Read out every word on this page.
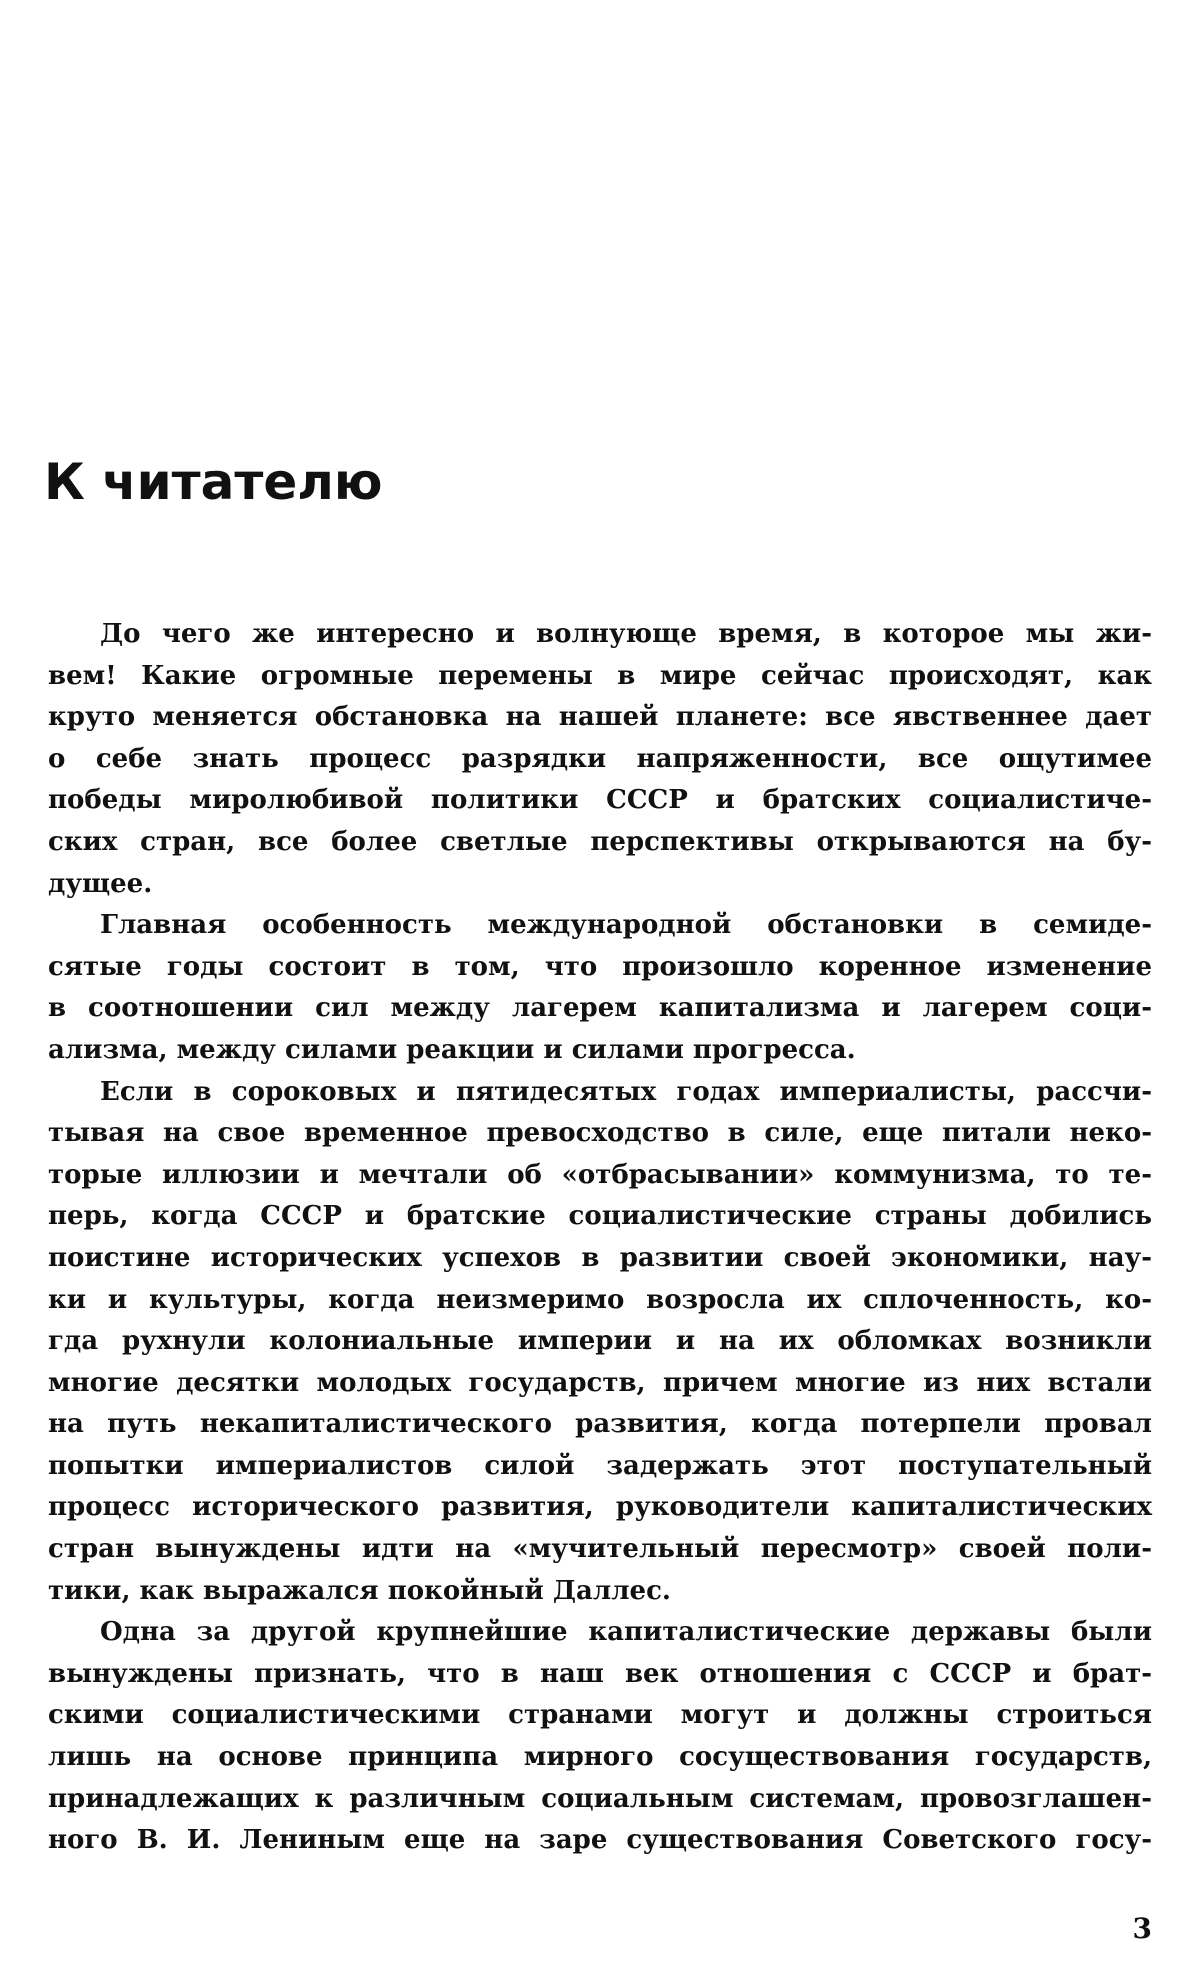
К читателю
До чего же интересно и волнующе время, в которое мы жи-
вем! Какие огромные перемены в мире сейчас происходят, как
круто меняется обстановка на нашей планете: все явственнее дает
о себе знать процесс разрядки напряженности, все ощутимее
победы миролюбивой политики СССР и братских социалистиче-
ских стран, все более светлые перспективы открываются на бу-
дущее.
Главная особенность международной обстановки в семиде-
сятые годы состоит в том, что произошло коренное изменение
в соотношении сил между лагерем капитализма и лагерем соци-
ализма, между силами реакции и силами прогресса.
Если в сороковых и пятидесятых годах империалисты, рассчи-
тывая на свое временное превосходство в силе, еще питали неко-
торые иллюзии и мечтали об «отбрасывании» коммунизма, то те-
перь, когда СССР и братские социалистические страны добились
поистине исторических успехов в развитии своей экономики, нау-
ки и культуры, когда неизмеримо возросла их сплоченность, ко-
гда рухнули колониальные империи и на их обломках возникли
многие десятки молодых государств, причем многие из них встали
на путь некапиталистического развития, когда потерпели провал
попытки империалистов силой задержать этот поступательный
процесс исторического развития, руководители капиталистических
стран вынуждены идти на «мучительный пересмотр» своей поли-
тики, как выражался покойный Даллес.
Одна за другой крупнейшие капиталистические державы были
вынуждены признать, что в наш век отношения с СССР и брат-
скими социалистическими странами могут и должны строиться
лишь на основе принципа мирного сосуществования государств,
принадлежащих к различным социальным системам, провозглашен-
ного В. И. Лениным еще на заре существования Советского госу-
3
